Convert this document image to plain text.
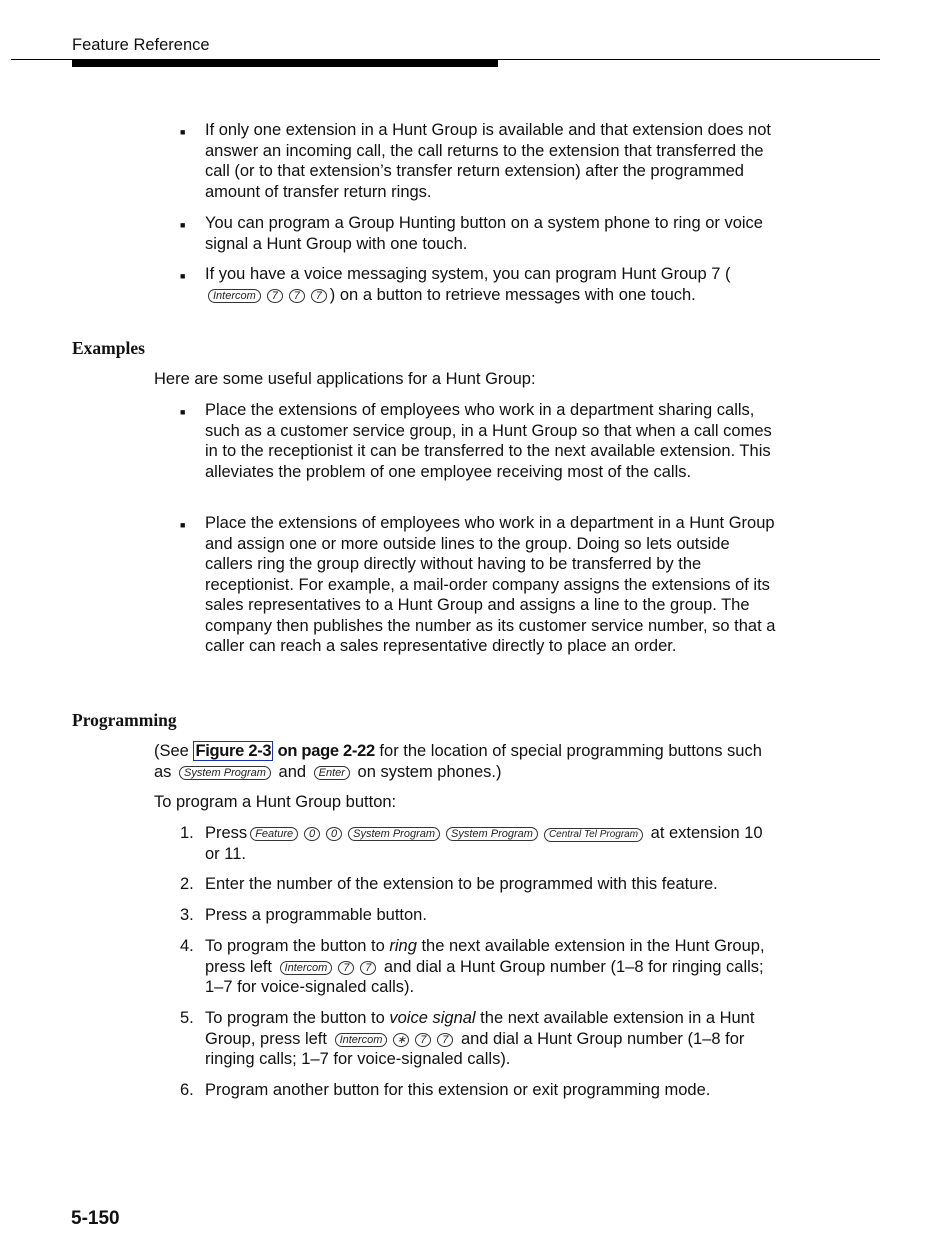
Feature Reference
■ If only one extension in a Hunt Group is available and that extension does not answer an incoming call, the call returns to the extension that transferred the call (or to that extension’s transfer return extension) after the programmed amount of transfer return rings.
■ You can program a Group Hunting button on a system phone to ring or voice signal a Hunt Group with one touch.
■ If you have a voice messaging system, you can program Hunt Group 7 (Intercom 7 7 7 ) on a button to retrieve messages with one touch.
Examples
Here are some useful applications for a Hunt Group:
■ Place the extensions of employees who work in a department sharing calls, such as a customer service group, in a Hunt Group so that when a call comes in to the receptionist it can be transferred to the next available extension. This alleviates the problem of one employee receiving most of the calls.
■ Place the extensions of employees who work in a department in a Hunt Group and assign one or more outside lines to the group. Doing so lets outside callers ring the group directly without having to be transferred by the receptionist. For example, a mail-order company assigns the extensions of its sales representatives to a Hunt Group and assigns a line to the group. The company then publishes the number as its customer service number, so that a caller can reach a sales representative directly to place an order.
Programming
(See Figure 2-3 on page 2-22 for the location of special programming buttons such as System Program and Enter on system phones.)
To program a Hunt Group button:
1. Press Feature 0 0 System Program System Program Central Tel Program at extension 10 or 11.
2. Enter the number of the extension to be programmed with this feature.
3. Press a programmable button.
4. To program the button to ring the next available extension in the Hunt Group, press left Intercom 7 7 and dial a Hunt Group number (1–8 for ringing calls; 1–7 for voice-signaled calls).
5. To program the button to voice signal the next available extension in a Hunt Group, press left Intercom ∗ 7 7 and dial a Hunt Group number (1–8 for ringing calls; 1–7 for voice-signaled calls).
6. Program another button for this extension or exit programming mode.
5-150
